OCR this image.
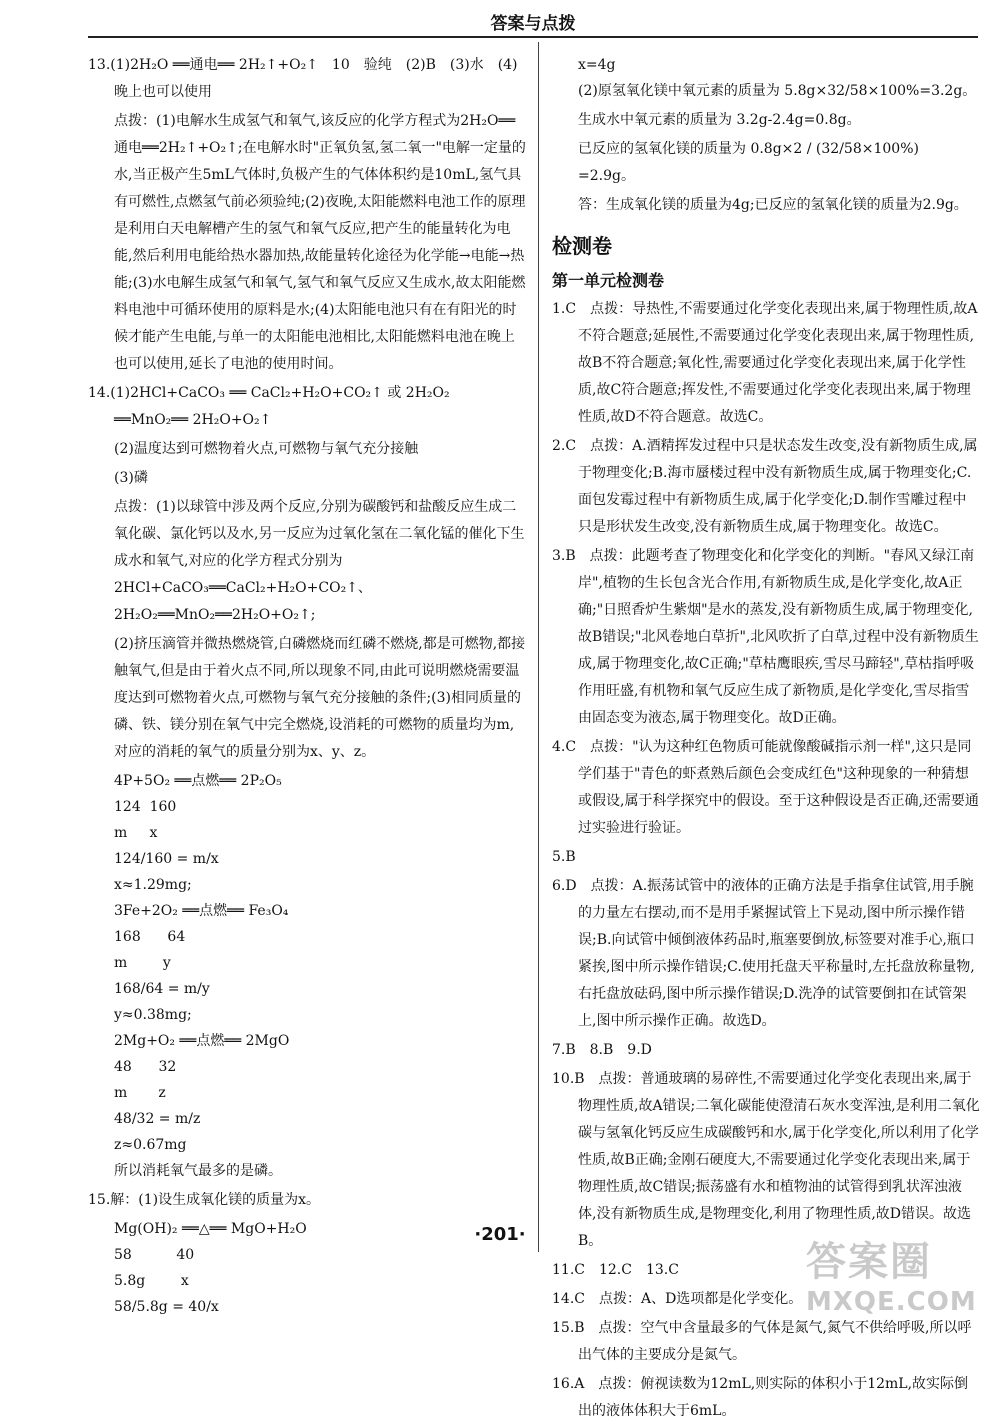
答案与点拨
13.(1)2H₂O ══通电══ 2H₂↑+O₂↑　10　验纯　(2)B　(3)水　(4)晚上也可以使用
点拨：(1)电解水生成氢气和氧气,该反应的化学方程式为2H₂O══通电══2H₂↑+O₂↑;在电解水时"正氧负氢,氢二氧一"电解一定量的水,当正极产生5mL气体时,负极产生的气体体积约是10mL,氢气具有可燃性,点燃氢气前必须验纯;(2)夜晚,太阳能燃料电池工作的原理是利用白天电解槽产生的氢气和氧气反应,把产生的能量转化为电能,然后利用电能给热水器加热,故能量转化途径为化学能→电能→热能;(3)水电解生成氢气和氧气,氢气和氧气反应又生成水,故太阳能燃料电池中可循环使用的原料是水;(4)太阳能电池只有在有阳光的时候才能产生电能,与单一的太阳能电池相比,太阳能燃料电池在晚上也可以使用,延长了电池的使用时间。
14.(1)2HCl+CaCO₃ ══ CaCl₂+H₂O+CO₂↑ 或 2H₂O₂ ══MnO₂══ 2H₂O+O₂↑
(2)温度达到可燃物着火点,可燃物与氧气充分接触
(3)磷
点拨：(1)以球管中涉及两个反应,分别为碳酸钙和盐酸反应生成二氧化碳、氯化钙以及水,另一反应为过氧化氢在二氧化锰的催化下生成水和氧气,对应的化学方程式分别为 2HCl+CaCO₃══CaCl₂+H₂O+CO₂↑、2H₂O₂══MnO₂══2H₂O+O₂↑;
(2)挤压滴管并微热燃烧管,白磷燃烧而红磷不燃烧,都是可燃物,都接触氧气,但是由于着火点不同,所以现象不同,由此可说明燃烧需要温度达到可燃物着火点,可燃物与氧气充分接触的条件;(3)相同质量的磷、铁、镁分别在氧气中完全燃烧,设消耗的可燃物的质量均为m,对应的消耗的氧气的质量分别为x、y、z。
4P+5O₂ ══点燃══ 2P₂O₅
124  160
m     x
124/160 = m/x
x≈1.29mg;
3Fe+2O₂ ══点燃══ Fe₃O₄
168      64
m        y
168/64 = m/y
y≈0.38mg;
2Mg+O₂ ══点燃══ 2MgO
48      32
m       z
48/32 = m/z
z≈0.67mg
所以消耗氧气最多的是磷。
15.解：(1)设生成氧化镁的质量为x。
Mg(OH)₂ ══△══ MgO+H₂O
58          40
5.8g        x
58/5.8g = 40/x
x=4g
(2)原氢氧化镁中氧元素的质量为 5.8g×32/58×100%=3.2g。
生成水中氧元素的质量为 3.2g-2.4g=0.8g。
已反应的氢氧化镁的质量为 0.8g×2 / (32/58×100%) =2.9g。
答：生成氧化镁的质量为4g;已反应的氢氧化镁的质量为2.9g。
检测卷
第一单元检测卷
1.C　点拨：导热性,不需要通过化学变化表现出来,属于物理性质,故A不符合题意;延展性,不需要通过化学变化表现出来,属于物理性质,故B不符合题意;氧化性,需要通过化学变化表现出来,属于化学性质,故C符合题意;挥发性,不需要通过化学变化表现出来,属于物理性质,故D不符合题意。故选C。
2.C　点拨：A.酒精挥发过程中只是状态发生改变,没有新物质生成,属于物理变化;B.海市蜃楼过程中没有新物质生成,属于物理变化;C.面包发霉过程中有新物质生成,属于化学变化;D.制作雪雕过程中只是形状发生改变,没有新物质生成,属于物理变化。故选C。
3.B　点拨：此题考查了物理变化和化学变化的判断。"春风又绿江南岸",植物的生长包含光合作用,有新物质生成,是化学变化,故A正确;"日照香炉生紫烟"是水的蒸发,没有新物质生成,属于物理变化,故B错误;"北风卷地白草折",北风吹折了白草,过程中没有新物质生成,属于物理变化,故C正确;"草枯鹰眼疾,雪尽马蹄轻",草枯指呼吸作用旺盛,有机物和氧气反应生成了新物质,是化学变化,雪尽指雪由固态变为液态,属于物理变化。故D正确。
4.C　点拨："认为这种红色物质可能就像酸碱指示剂一样",这只是同学们基于"青色的虾煮熟后颜色会变成红色"这种现象的一种猜想或假设,属于科学探究中的假设。至于这种假设是否正确,还需要通过实验进行验证。
5.B
6.D　点拨：A.振荡试管中的液体的正确方法是手指拿住试管,用手腕的力量左右摆动,而不是用手紧握试管上下晃动,图中所示操作错误;B.向试管中倾倒液体药品时,瓶塞要倒放,标签要对准手心,瓶口紧挨,图中所示操作错误;C.使用托盘天平称量时,左托盘放称量物,右托盘放砝码,图中所示操作错误;D.洗净的试管要倒扣在试管架上,图中所示操作正确。故选D。
7.B　8.B　9.D
10.B　点拨：普通玻璃的易碎性,不需要通过化学变化表现出来,属于物理性质,故A错误;二氧化碳能使澄清石灰水变浑浊,是利用二氧化碳与氢氧化钙反应生成碳酸钙和水,属于化学变化,所以利用了化学性质,故B正确;金刚石硬度大,不需要通过化学变化表现出来,属于物理性质,故C错误;振荡盛有水和植物油的试管得到乳状浑浊液体,没有新物质生成,是物理变化,利用了物理性质,故D错误。故选B。
11.C　12.C　13.C
14.C　点拨：A、D选项都是化学变化。
15.B　点拨：空气中含量最多的气体是氮气,氮气不供给呼吸,所以呼出气体的主要成分是氮气。
16.A　点拨：俯视读数为12mL,则实际的体积小于12mL,故实际倒出的液体体积大于6mL。
·201·
答案圈
MXQE.COM
